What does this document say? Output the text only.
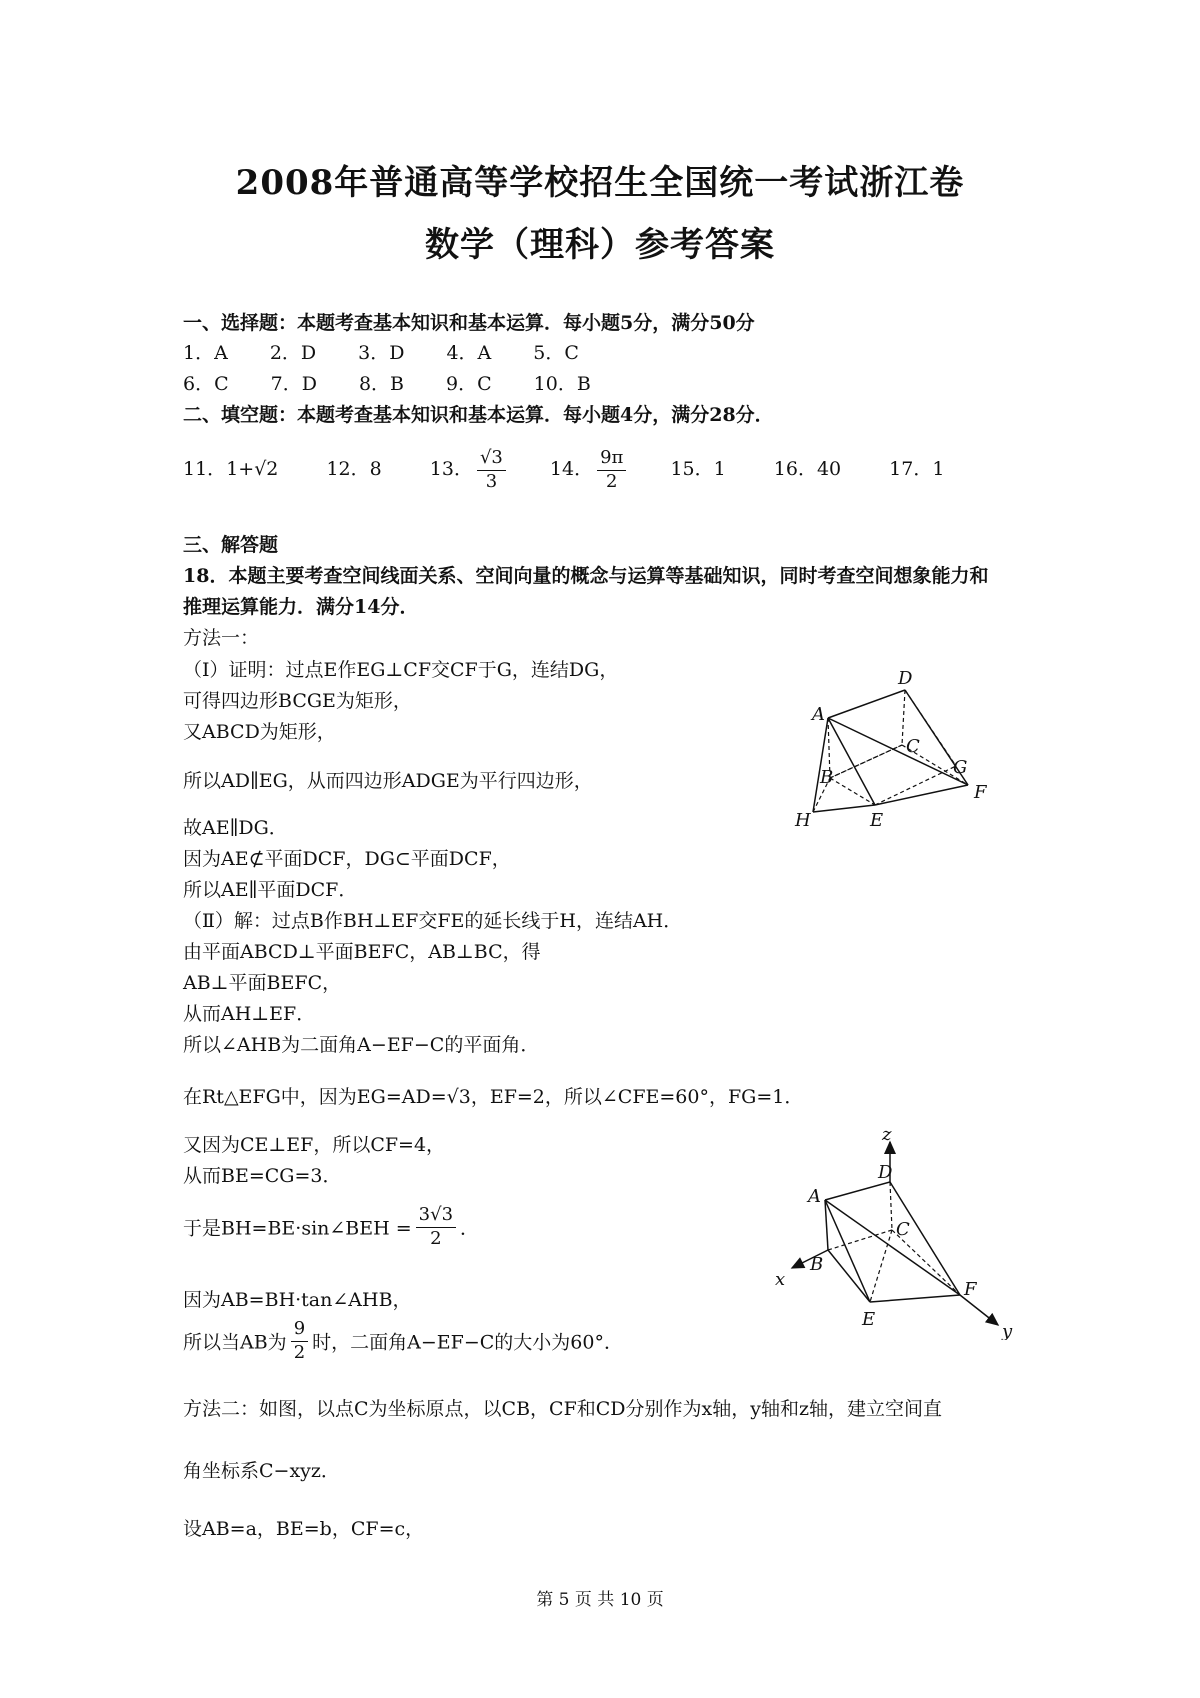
2008年普通高等学校招生全国统一考试浙江卷
数学（理科）参考答案
一、选择题：本题考查基本知识和基本运算．每小题5分，满分50分
1．A 2．D 3．D 4．A 5．C
6．C 7．D 8．B 9．C 10．B
二、填空题：本题考查基本知识和基本运算．每小题4分，满分28分．
11．1+√2	12．8	13． $\frac{√3}{3} 14$． $\frac{9\pi}{2} 15$．1	16．40	17．1
三、解答题
18．本题主要考查空间线面关系、空间向量的概念与运算等基础知识，同时考查空间想象能力和
推理运算能力．满分14分．
方法一：
（Ⅰ）证明：过点E作EG⊥CF交CF于G，连结DG，
可得四边形BCGE为矩形，
又ABCD为矩形，
所以AD∥EG，从而四边形ADGE为平行四边形，
故AE∥DG．
因为AE⊄平面DCF，DG⊂平面DCF，
所以AE∥平面DCF．
（Ⅱ）解：过点B作BH⊥EF交FE的延长线于H，连结AH．
由平面ABCD⊥平面BEFC，AB⊥BC，得
AB⊥平面BEFC，
从而AH⊥EF．
所以∠AHB为二面角A−EF−C的平面角．
在Rt△EFG中，因为EG=AD=√3，EF=2，所以∠CFE=60°，FG=1．
又因为CE⊥EF，所以CF=4，
从而BE=CG=3．
于是BH=BE·sin∠BEH = $\frac{3√3}{2}$ ．
因为AB=BH·tan∠AHB，
所以当AB为 $\frac{9}{2}$ 时，二面角A−EF−C的大小为60°．
方法二：如图，以点C为坐标原点，以CB，CF和CD分别作为x轴，y轴和z轴，建立空间直
角坐标系C−xyz．
设AB=a，BE=b，CF=c，
D
A
C
B	G
F
H	E
z
D
A
C
x
B
F
y
E
第 5 页 共 10 页
